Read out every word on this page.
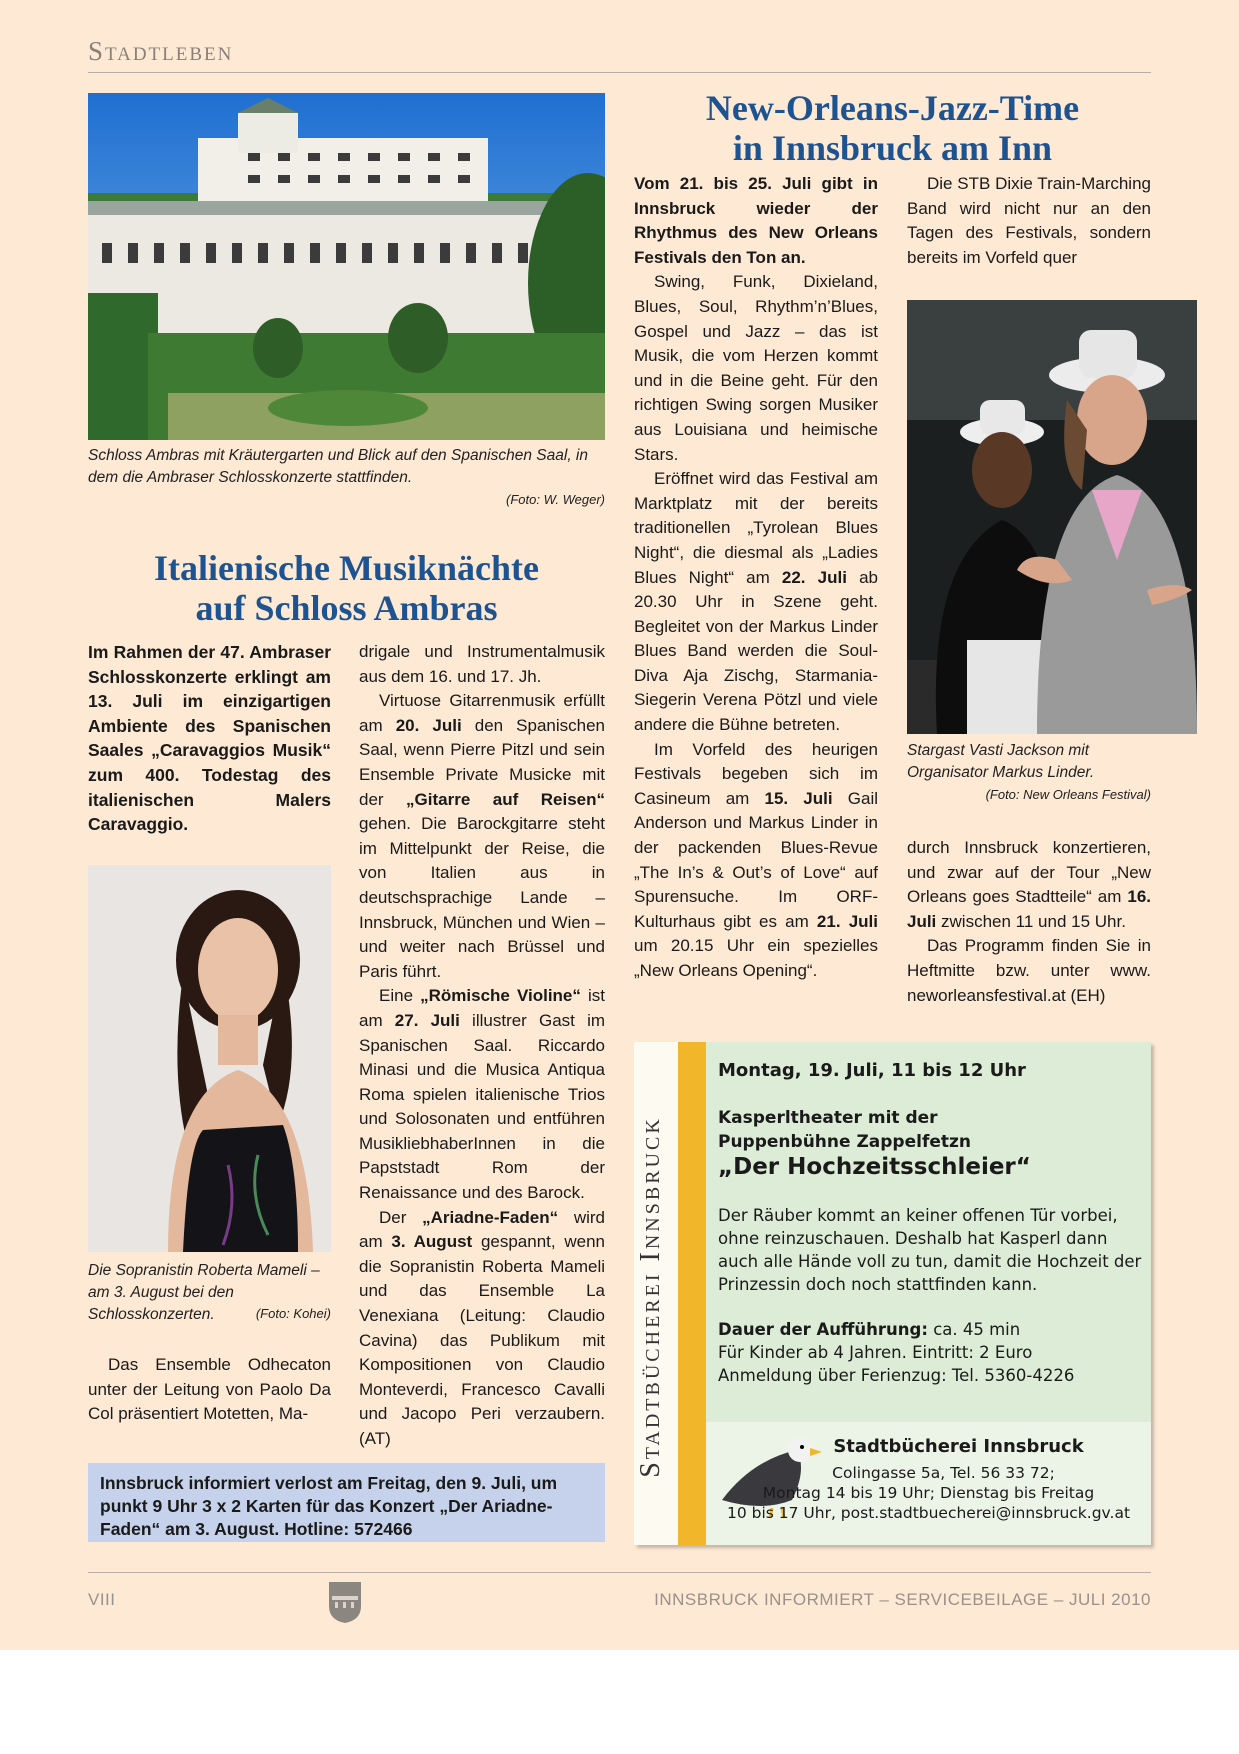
Stadtleben
Schloss Ambras mit Kräutergarten und Blick auf den Spanischen Saal, in dem die Ambraser Schlosskonzerte stattfinden.
(Foto: W. Weger)
Italienische Musiknächte
auf Schloss Ambras

Im Rahmen der 47. Ambraser Schlosskonzerte erklingt am 13. Juli im einzigartigen Ambiente des Spanischen Saales „Caravaggios Musik“ zum 400. Todestag des italienischen Malers Caravaggio.

Die Sopranistin Roberta Mameli – am 3. August bei den Schlosskonzerten.	(Foto: Kohei)

Das Ensemble Odhecaton unter der Leitung von Paolo Da Col präsentiert Motetten, Ma-

drigale und Instrumentalmusik aus dem 16. und 17. Jh.

Virtuose Gitarrenmusik erfüllt am 20. Juli den Spanischen Saal, wenn Pierre Pitzl und sein Ensemble Private Musicke mit der „Gitarre auf Reisen“ gehen. Die Barockgitarre steht im Mittelpunkt der Reise, die von Italien aus in deutschsprachige Lande – Innsbruck, München und Wien – und weiter nach Brüssel und Paris führt.

Eine „Römische Violine“ ist am 27. Juli illustrer Gast im Spanischen Saal. Riccardo Minasi und die Musica Antiqua Roma spielen italienische Trios und Solosonaten und entführen MusikliebhaberInnen in die Papststadt Rom der Renaissance und des Barock.

Der „Ariadne-Faden“ wird am 3. August gespannt, wenn die Sopranistin Roberta Mameli und das Ensemble La Venexiana (Leitung: Claudio Cavina) das Publikum mit Kompositionen von Claudio Monteverdi, Francesco Cavalli und Jacopo Peri verzaubern. (AT)

Innsbruck informiert verlost am Freitag, den 9. Juli, um punkt 9 Uhr 3 x 2 Karten für das Konzert „Der Ariadne-Faden“ am 3. August. Hotline: 572466
New-Orleans-Jazz-Time
in Innsbruck am Inn

Vom 21. bis 25. Juli gibt in Innsbruck wieder der Rhythmus des New Orleans Festivals den Ton an.

Swing, Funk, Dixieland, Blues, Soul, Rhythm’n’Blues, Gospel und Jazz – das ist Musik, die vom Herzen kommt und in die Beine geht. Für den richtigen Swing sorgen Musiker aus Louisiana und heimische Stars.

Eröffnet wird das Festival am Marktplatz mit der bereits traditionellen „Tyrolean Blues Night“, die diesmal als „Ladies Blues Night“ am 22. Juli ab 20.30 Uhr in Szene geht. Begleitet von der Markus Linder Blues Band werden die Soul-Diva Aja Zischg, Starmania-Siegerin Verena Pötzl und viele andere die Bühne betreten.

Im Vorfeld des heurigen Festivals begeben sich im Casineum am 15. Juli Gail Anderson und Markus Linder in der packenden Blues-Revue „The In’s & Out’s of Love“ auf Spurensuche. Im ORF-Kulturhaus gibt es am 21. Juli um 20.15 Uhr ein spezielles „New Orleans Opening“.

Die STB Dixie Train-Marching Band wird nicht nur an den Tagen des Festivals, sondern bereits im Vorfeld quer

Stargast Vasti Jackson mit Organisator Markus Linder.
(Foto: New Orleans Festival)

durch Innsbruck konzertieren, und zwar auf der Tour „New Orleans goes Stadtteile“ am 16. Juli zwischen 11 und 15 Uhr.

Das Programm finden Sie in Heftmitte bzw. unter www. neworleansfestival.at (EH)

Stadtbücherei Innsbruck
Montag, 19. Juli, 11 bis 12 Uhr
Kasperltheater mit der
Puppenbühne Zappelfetzn
„Der Hochzeitsschleier“
Der Räuber kommt an keiner offenen Tür vorbei, ohne reinzuschauen. Deshalb hat Kasperl dann auch alle Hände voll zu tun, damit die Hochzeit der Prinzessin doch noch stattfinden kann.
Dauer der Aufführung: ca. 45 min
Für Kinder ab 4 Jahren. Eintritt: 2 Euro
Anmeldung über Ferienzug: Tel. 5360-4226
Stadtbücherei Innsbruck
Colingasse 5a, Tel. 56 33 72;
Montag 14 bis 19 Uhr; Dienstag bis Freitag
10 bis 17 Uhr, post.stadtbuecherei@innsbruck.gv.at
VIII	INNSBRUCK INFORMIERT – SERVICEBEILAGE – JULI 2010
